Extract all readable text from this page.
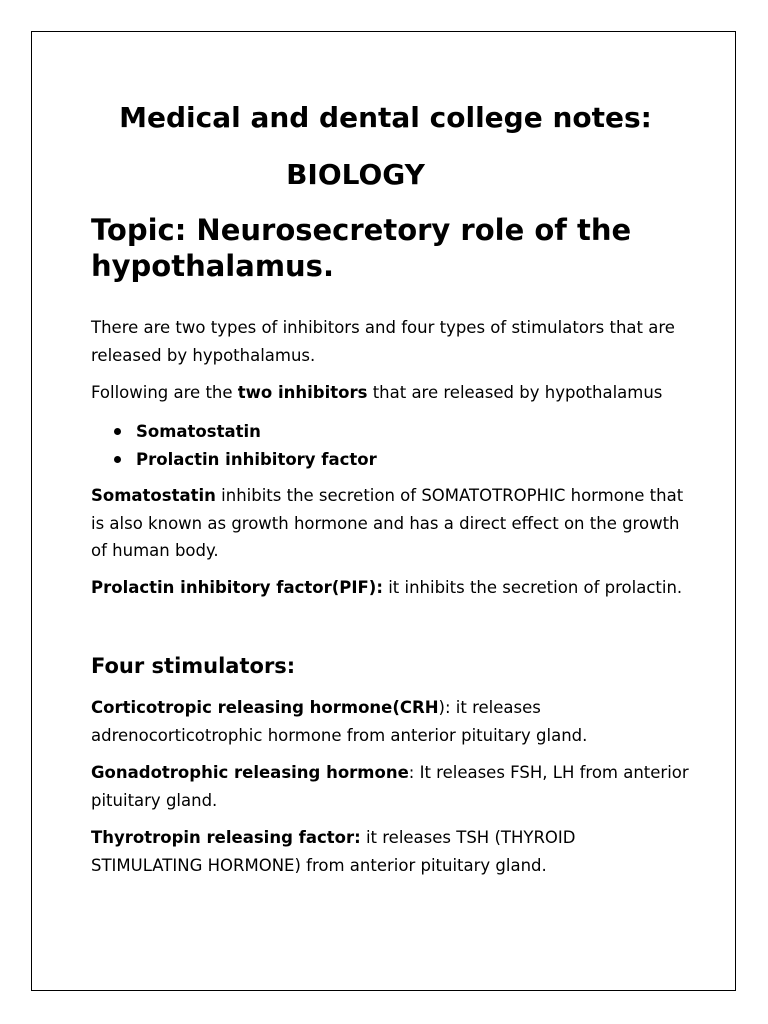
Medical and dental college notes:
BIOLOGY
Topic: Neurosecretory role of the hypothalamus.

There are two types of inhibitors and four types of stimulators that are released by hypothalamus.

Following are the two inhibitors that are released by hypothalamus

Somatostatin
Prolactin inhibitory factor

Somatostatin inhibits the secretion of SOMATOTROPHIC hormone that is also known as growth hormone and has a direct effect on the growth of human body.

Prolactin inhibitory factor(PIF): it inhibits the secretion of prolactin.

Four stimulators:

Corticotropic releasing hormone(CRH): it releases adrenocorticotrophic hormone from anterior pituitary gland.

Gonadotrophic releasing hormone: It releases FSH, LH from anterior pituitary gland.

Thyrotropin releasing factor: it releases TSH (THYROID STIMULATING HORMONE) from anterior pituitary gland.
